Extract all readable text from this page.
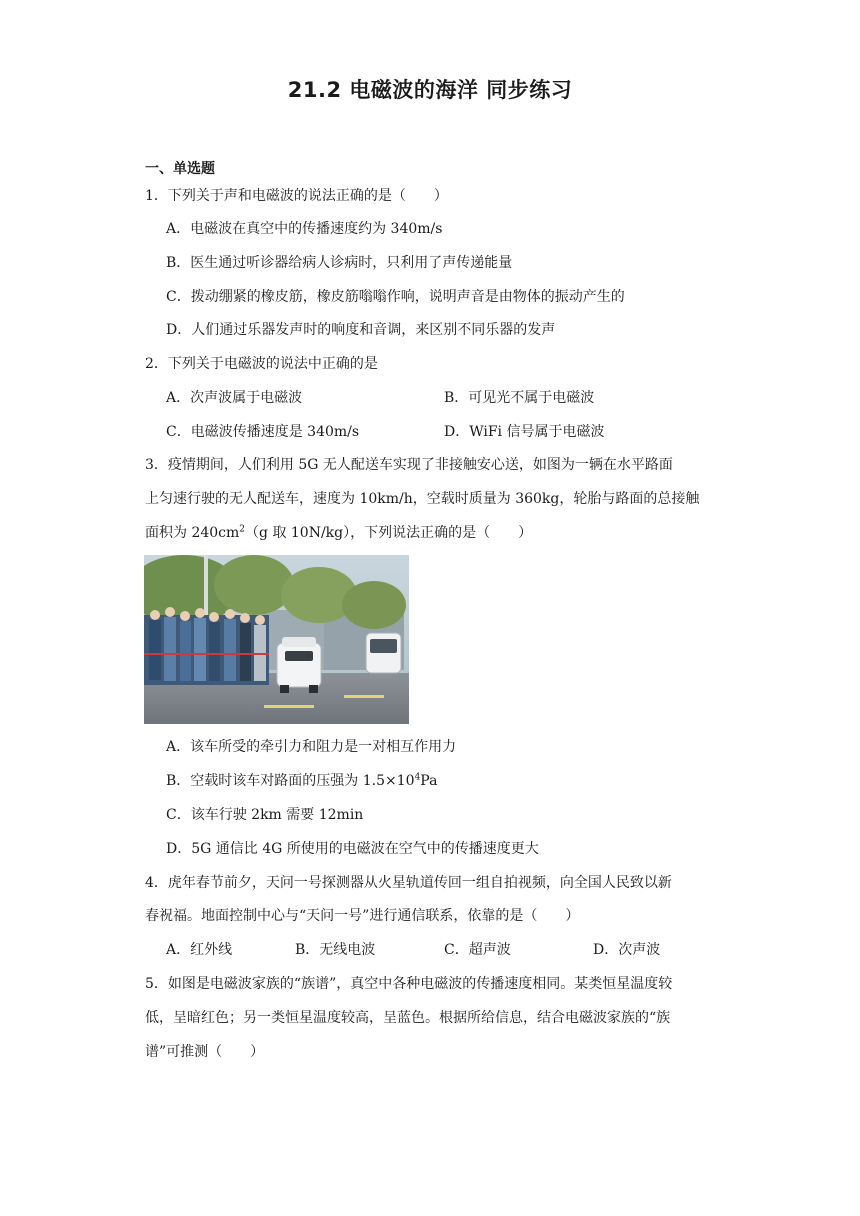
21.2 电磁波的海洋 同步练习
一、单选题
1．下列关于声和电磁波的说法正确的是（　　）
A．电磁波在真空中的传播速度约为 340m/s
B．医生通过听诊器给病人诊病时，只利用了声传递能量
C．拨动绷紧的橡皮筋，橡皮筋嗡嗡作响，说明声音是由物体的振动产生的
D．人们通过乐器发声时的响度和音调，来区别不同乐器的发声
2．下列关于电磁波的说法中正确的是
A．次声波属于电磁波	B．可见光不属于电磁波
C．电磁波传播速度是 340m/s	D．WiFi 信号属于电磁波
3．疫情期间，人们利用 5G 无人配送车实现了非接触安心送，如图为一辆在水平路面
上匀速行驶的无人配送车，速度为 10km/h，空载时质量为 360kg，轮胎与路面的总接触
面积为 $240cm^2(g$ 取 10N/kg），下列说法正确的是（　　）
A．该车所受的牵引力和阻力是一对相互作用力
B．空载时该车对路面的压强为 $1.5\times 10^4Pa$
C．该车行驶 2km 需要 12min
D．5G 通信比 4G 所使用的电磁波在空气中的传播速度更大
4．虎年春节前夕，天问一号探测器从火星轨道传回一组自拍视频，向全国人民致以新
春祝福。地面控制中心与“天问一号”进行通信联系，依靠的是（　　）
A．红外线	B．无线电波	C．超声波	D．次声波
5．如图是电磁波家族的“族谱”，真空中各种电磁波的传播速度相同。某类恒星温度较
低，呈暗红色；另一类恒星温度较高，呈蓝色。根据所给信息，结合电磁波家族的“族
谱”可推测（　　）
